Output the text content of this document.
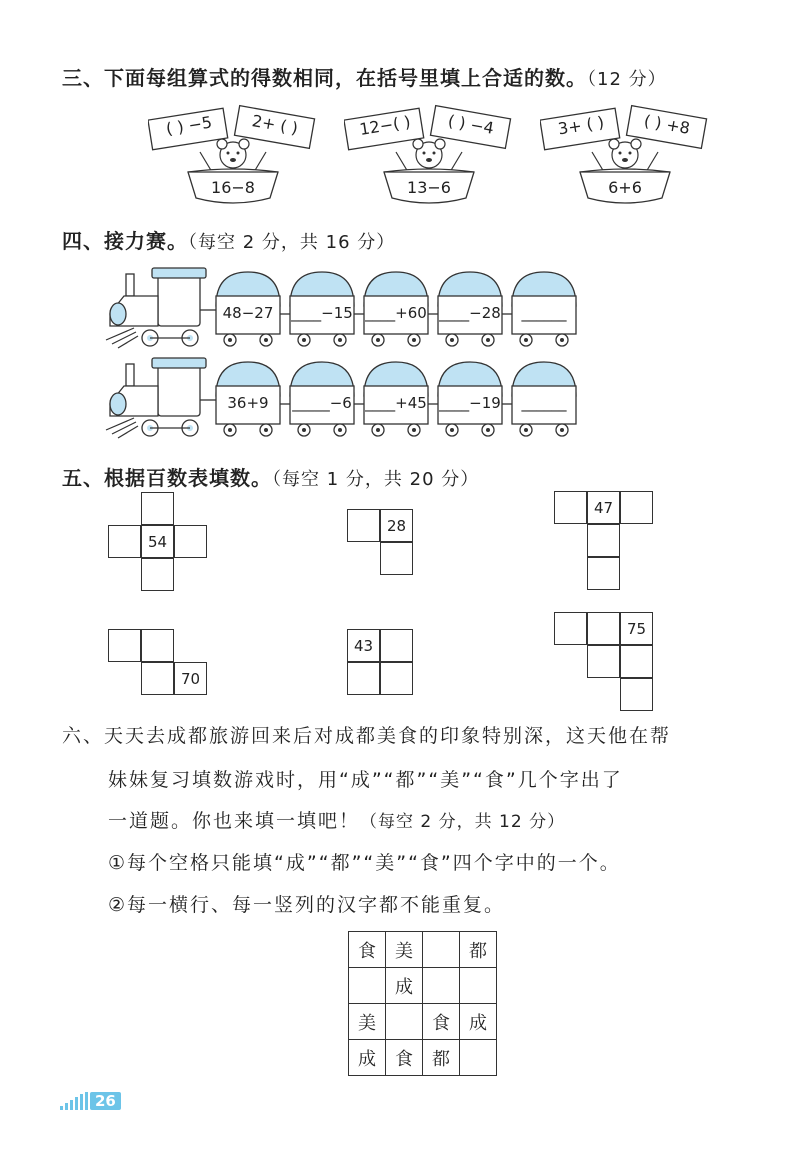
三、下面每组算式的得数相同，在括号里填上合适的数。（12 分）
( ) −5	2+ ( )
16−8
12−( )	( ) −4
13−6
3+ ( )	( ) +8
6+6
四、接力赛。（每空 2 分，共 16 分）
48−27	____−15 ____+60 ____−28	______
36+9	_____−6 ____+45 ____−19	______
五、根据百数表填数。（每空 1 分，共 20 分）
54
28
47
70
43
75
六、天天去成都旅游回来后对成都美食的印象特别深，这天他在帮
妹妹复习填数游戏时，用“成”“都”“美”“食”几个字出了
一道题。你也来填一填吧！（每空 2 分，共 12 分）
①每个空格只能填“成”“都”“美”“食”四个字中的一个。
②每一横行、每一竖列的汉字都不能重复。
食	美		都
	成		
美		食	成
成	食	都	
26
